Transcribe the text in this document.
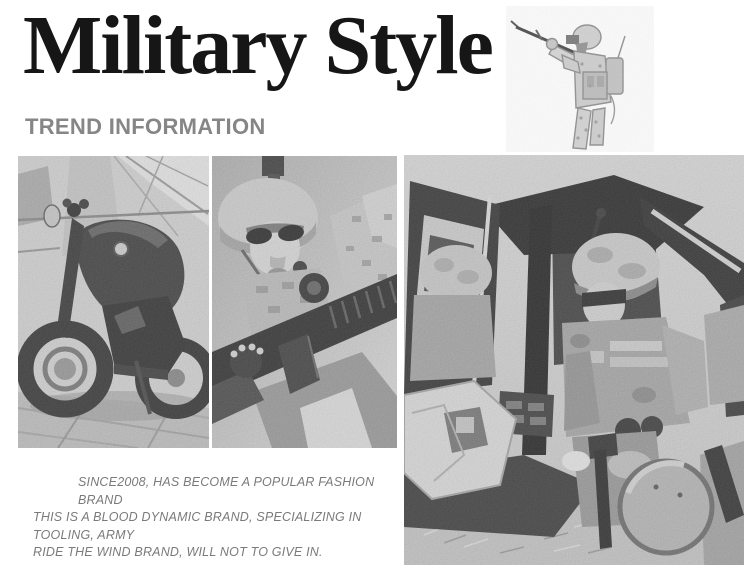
Military Style
TREND INFORMATION
SINCE2008, HAS BECOME A POPULAR FASHION BRAND
THIS IS A BLOOD DYNAMIC BRAND, SPECIALIZING IN TOOLING, ARMY
RIDE THE WIND BRAND, WILL NOT TO GIVE IN.
